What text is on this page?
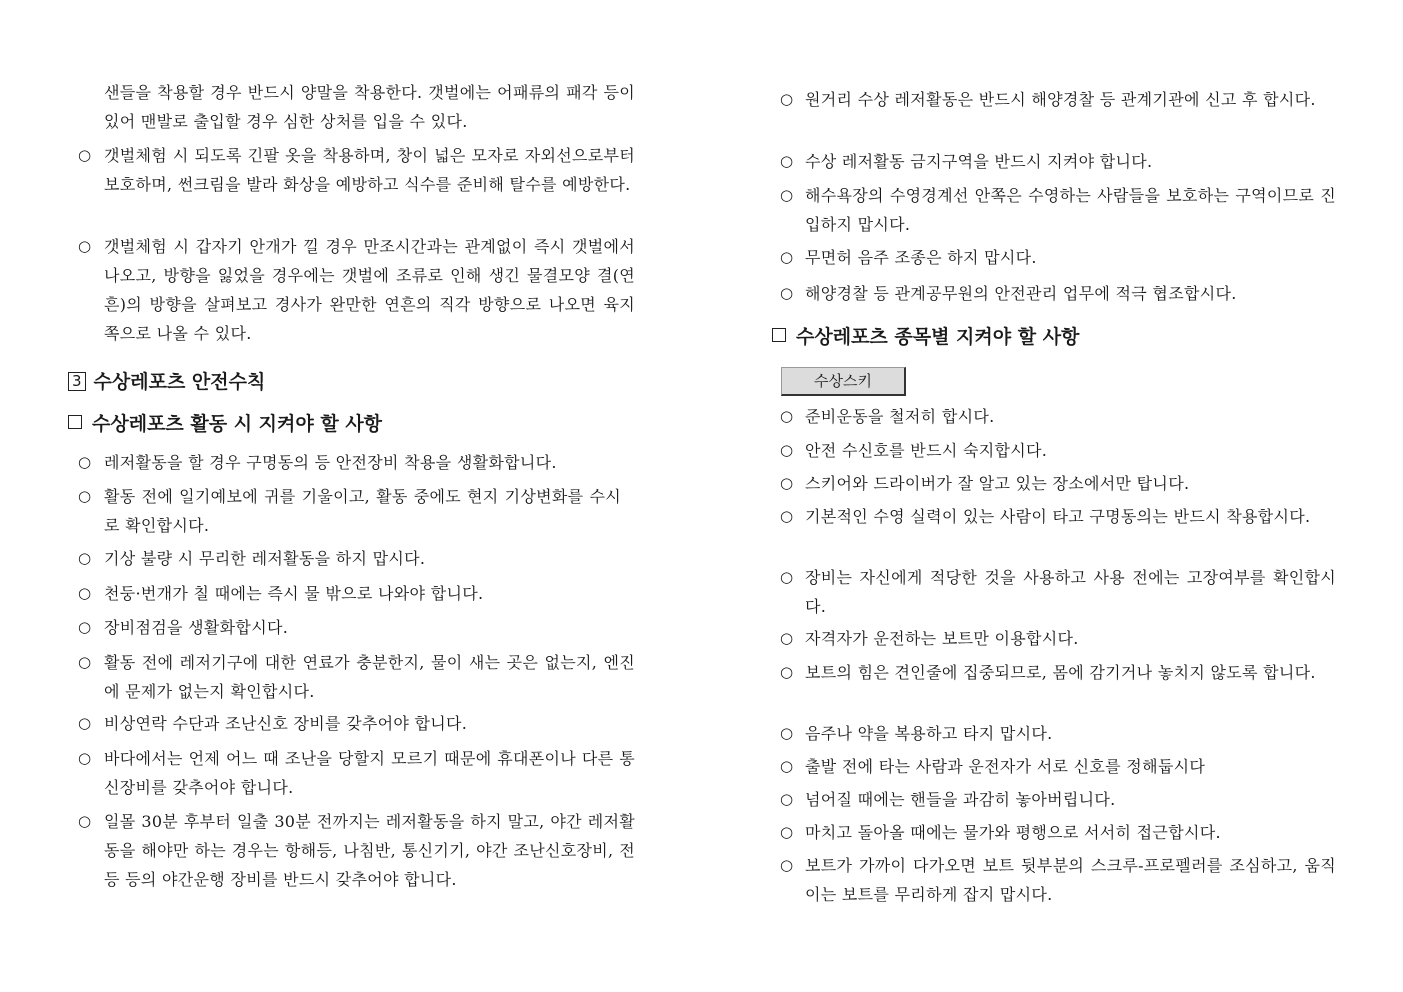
샌들을 착용할 경우 반드시 양말을 착용한다. 갯벌에는 어패류의 패각 등이 있어 맨발로 출입할 경우 심한 상처를 입을 수 있다.
○ 갯벌체험 시 되도록 긴팔 옷을 착용하며, 창이 넓은 모자로 자외선으로부터 보호하며, 썬크림을 발라 화상을 예방하고 식수를 준비해 탈수를 예방한다.
○ 갯벌체험 시 갑자기 안개가 낄 경우 만조시간과는 관계없이 즉시 갯벌에서 나오고, 방향을 잃었을 경우에는 갯벌에 조류로 인해 생긴 물결모양 결(연흔)의 방향을 살펴보고 경사가 완만한 연흔의 직각 방향으로 나오면 육지 쪽으로 나올 수 있다.
3 수상레포츠 안전수칙
수상레포츠 활동 시 지켜야 할 사항
○ 레저활동을 할 경우 구명동의 등 안전장비 착용을 생활화합니다.
○ 활동 전에 일기예보에 귀를 기울이고, 활동 중에도 현지 기상변화를 수시로 확인합시다.
○ 기상 불량 시 무리한 레저활동을 하지 맙시다.
○ 천둥·번개가 칠 때에는 즉시 물 밖으로 나와야 합니다.
○ 장비점검을 생활화합시다.
○ 활동 전에 레저기구에 대한 연료가 충분한지, 물이 새는 곳은 없는지, 엔진에 문제가 없는지 확인합시다.
○ 비상연락 수단과 조난신호 장비를 갖추어야 합니다.
○ 바다에서는 언제 어느 때 조난을 당할지 모르기 때문에 휴대폰이나 다른 통신장비를 갖추어야 합니다.
○ 일몰 30분 후부터 일출 30분 전까지는 레저활동을 하지 말고, 야간 레저활동을 해야만 하는 경우는 항해등, 나침반, 통신기기, 야간 조난신호장비, 전등 등의 야간운행 장비를 반드시 갖추어야 합니다.
○ 원거리 수상 레저활동은 반드시 해양경찰 등 관계기관에 신고 후 합시다.
○ 수상 레저활동 금지구역을 반드시 지켜야 합니다.
○ 해수욕장의 수영경계선 안쪽은 수영하는 사람들을 보호하는 구역이므로 진입하지 맙시다.
○ 무면허 음주 조종은 하지 맙시다.
○ 해양경찰 등 관계공무원의 안전관리 업무에 적극 협조합시다.
수상레포츠 종목별 지켜야 할 사항
수상스키
○ 준비운동을 철저히 합시다.
○ 안전 수신호를 반드시 숙지합시다.
○ 스키어와 드라이버가 잘 알고 있는 장소에서만 탑니다.
○ 기본적인 수영 실력이 있는 사람이 타고 구명동의는 반드시 착용합시다.
○ 장비는 자신에게 적당한 것을 사용하고 사용 전에는 고장여부를 확인합시다.
○ 자격자가 운전하는 보트만 이용합시다.
○ 보트의 힘은 견인줄에 집중되므로, 몸에 감기거나 놓치지 않도록 합니다.
○ 음주나 약을 복용하고 타지 맙시다.
○ 출발 전에 타는 사람과 운전자가 서로 신호를 정해둡시다
○ 넘어질 때에는 핸들을 과감히 놓아버립니다.
○ 마치고 돌아올 때에는 물가와 평행으로 서서히 접근합시다.
○ 보트가 가까이 다가오면 보트 뒷부분의 스크루-프로펠러를 조심하고, 움직이는 보트를 무리하게 잡지 맙시다.
